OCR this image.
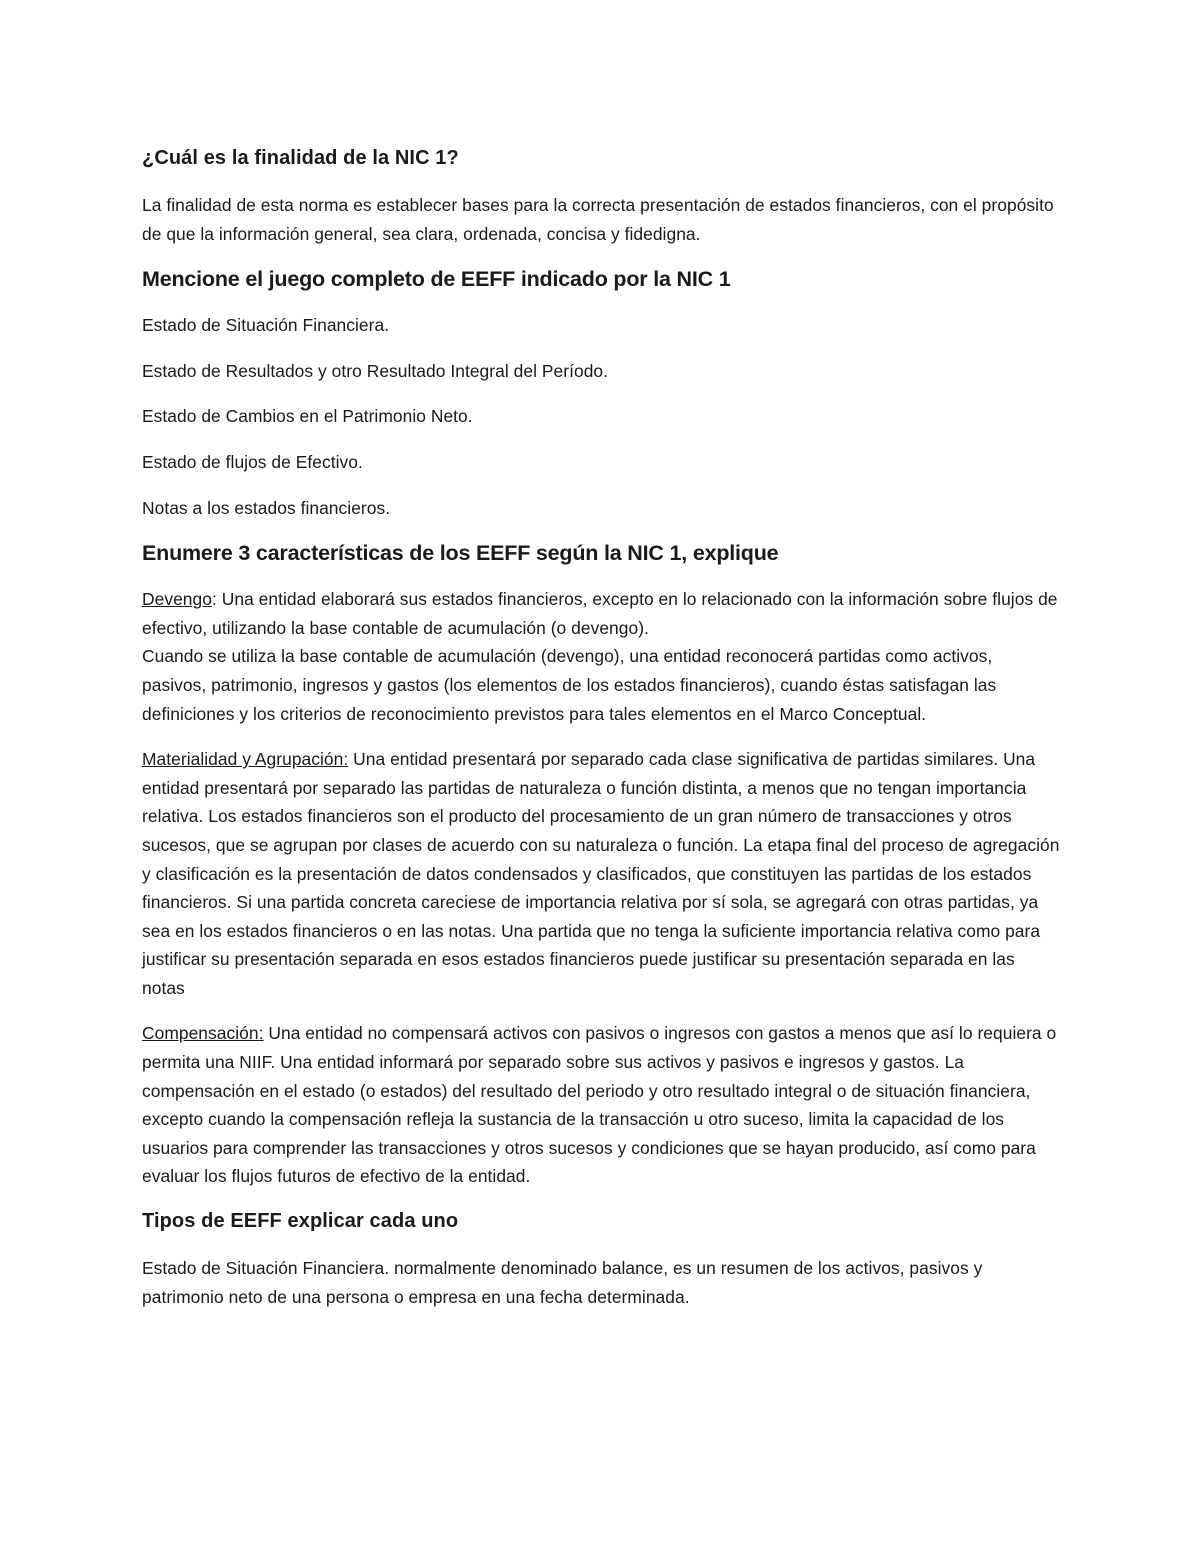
¿Cuál es la finalidad de la NIC 1?

La finalidad de esta norma es establecer bases para la correcta presentación de estados financieros, con el propósito de que la información general, sea clara, ordenada, concisa y fidedigna.

Mencione el juego completo de EEFF indicado por la NIC 1

Estado de Situación Financiera.

Estado de Resultados y otro Resultado Integral del Período.

Estado de Cambios en el Patrimonio Neto.

Estado de flujos de Efectivo.

Notas a los estados financieros.

Enumere 3 características de los EEFF según la NIC 1, explique

Devengo: Una entidad elaborará sus estados financieros, excepto en lo relacionado con la información sobre flujos de efectivo, utilizando la base contable de acumulación (o devengo).

Cuando se utiliza la base contable de acumulación (devengo), una entidad reconocerá partidas como activos, pasivos, patrimonio, ingresos y gastos (los elementos de los estados financieros), cuando éstas satisfagan las definiciones y los criterios de reconocimiento previstos para tales elementos en el Marco Conceptual.

Materialidad y Agrupación: Una entidad presentará por separado cada clase significativa de partidas similares. Una entidad presentará por separado las partidas de naturaleza o función distinta, a menos que no tengan importancia relativa. Los estados financieros son el producto del procesamiento de un gran número de transacciones y otros sucesos, que se agrupan por clases de acuerdo con su naturaleza o función. La etapa final del proceso de agregación y clasificación es la presentación de datos condensados y clasificados, que constituyen las partidas de los estados financieros. Si una partida concreta careciese de importancia relativa por sí sola, se agregará con otras partidas, ya sea en los estados financieros o en las notas. Una partida que no tenga la suficiente importancia relativa como para justificar su presentación separada en esos estados financieros puede justificar su presentación separada en las notas

Compensación: Una entidad no compensará activos con pasivos o ingresos con gastos a menos que así lo requiera o permita una NIIF. Una entidad informará por separado sobre sus activos y pasivos e ingresos y gastos. La compensación en el estado (o estados) del resultado del periodo y otro resultado integral o de situación financiera, excepto cuando la compensación refleja la sustancia de la transacción u otro suceso, limita la capacidad de los usuarios para comprender las transacciones y otros sucesos y condiciones que se hayan producido, así como para evaluar los flujos futuros de efectivo de la entidad.

Tipos de EEFF explicar cada uno

Estado de Situación Financiera. normalmente denominado balance, es un resumen de los activos, pasivos y patrimonio neto de una persona o empresa en una fecha determinada.
